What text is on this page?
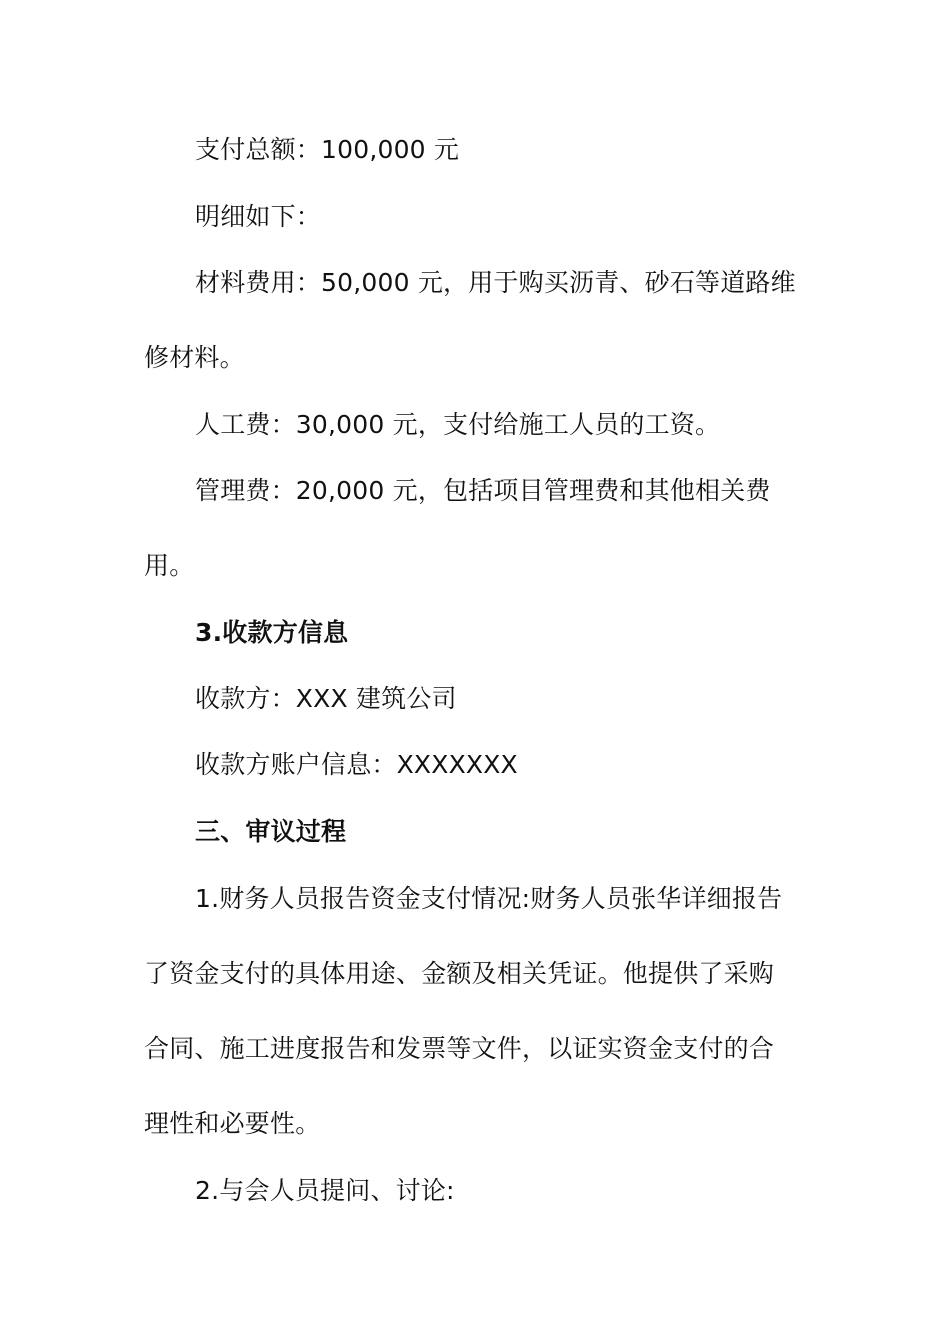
支付总额：100,000 元
明细如下：
材料费用：50,000 元，用于购买沥青、砂石等道路维
修材料。
人工费：30,000 元，支付给施工人员的工资。
管理费：20,000 元，包括项目管理费和其他相关费
用。
3.收款方信息
收款方：XXX 建筑公司
收款方账户信息：XXXXXXX
三、审议过程
1.财务人员报告资金支付情况:财务人员张华详细报告
了资金支付的具体用途、金额及相关凭证。他提供了采购
合同、施工进度报告和发票等文件，以证实资金支付的合
理性和必要性。
2.与会人员提问、讨论:
